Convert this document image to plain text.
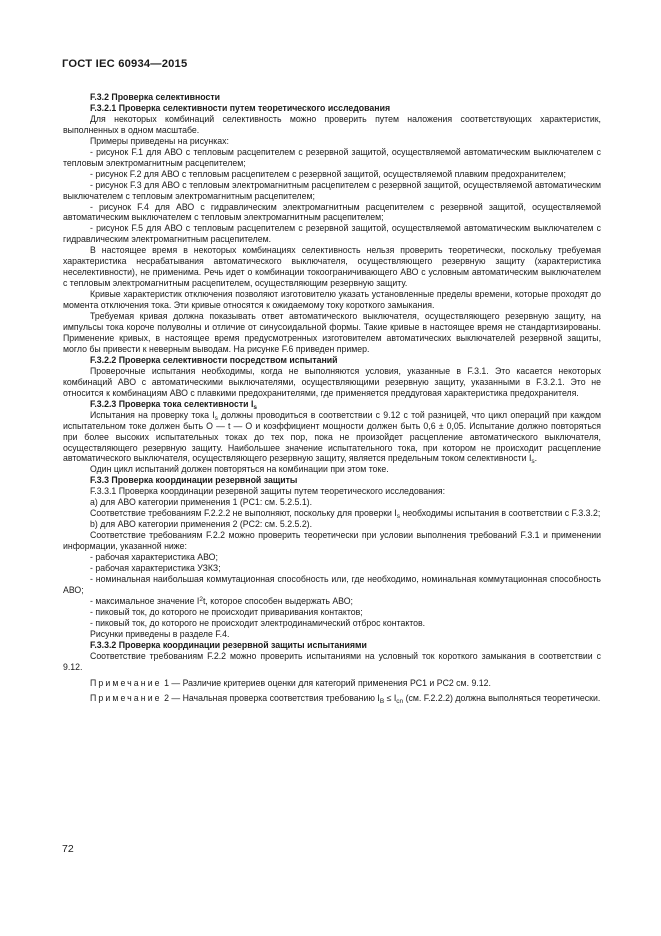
ГОСТ IEC 60934—2015

F.3.2 Проверка селективности

F.3.2.1 Проверка селективности путем теоретического исследования

Для некоторых комбинаций селективность можно проверить путем наложения соответствующих характеристик, выполненных в одном масштабе.

Примеры приведены на рисунках:

- рисунок F.1 для АВО с тепловым расцепителем с резервной защитой, осуществляемой автоматическим выключателем с тепловым электромагнитным расцепителем;

- рисунок F.2 для АВО с тепловым расцепителем с резервной защитой, осуществляемой плавким предохранителем;

- рисунок F.3 для АВО с тепловым электромагнитным расцепителем с резервной защитой, осуществляемой автоматическим выключателем с тепловым электромагнитным расцепителем;

- рисунок F.4 для АВО с гидравлическим электромагнитным расцепителем с резервной защитой, осуществляемой автоматическим выключателем с тепловым электромагнитным расцепителем;

- рисунок F.5 для АВО с тепловым расцепителем с резервной защитой, осуществляемой автоматическим выключателем с гидравлическим электромагнитным расцепителем.

В настоящее время в некоторых комбинациях селективность нельзя проверить теоретически, поскольку требуемая характеристика несрабатывания автоматического выключателя, осуществляющего резервную защиту (характеристика неселективности), не применима. Речь идет о комбинации токоограничивающего АВО с условным автоматическим выключателем с тепловым электромагнитным расцепителем, осуществляющим резервную защиту.

Кривые характеристик отключения позволяют изготовителю указать установленные пределы времени, которые проходят до момента отключения тока. Эти кривые относятся к ожидаемому току короткого замыкания.

Требуемая кривая должна показывать ответ автоматического выключателя, осуществляющего резервную защиту, на импульсы тока короче полуволны и отличие от синусоидальной формы. Такие кривые в настоящее время не стандартизированы. Применение кривых, в настоящее время предусмотренных изготовителем автоматических выключателей резервной защиты, могло бы привести к неверным выводам. На рисунке F.6 приведен пример.

F.3.2.2 Проверка селективности посредством испытаний

Проверочные испытания необходимы, когда не выполняются условия, указанные в F.3.1. Это касается некоторых комбинаций АВО с автоматическими выключателями, осуществляющими резервную защиту, указанными в F.3.2.1. Это не относится к комбинациям АВО с плавкими предохранителями, где применяется преддуговая характеристика предохранителя.

F.3.2.3 Проверка тока селективности $I_s$

Испытания на проверку тока $I_s$ должны проводиться в соответствии с 9.12 с той разницей, что цикл операций при каждом испытательном токе должен быть О — t — О и коэффициент мощности должен быть 0,6 ± 0,05. Испытание должно повторяться при более высоких испытательных токах до тех пор, пока не произойдет расцепление автоматического выключателя, осуществляющего резервную защиту. Наибольшее значение испытательного тока, при котором не происходит расцепление автоматического выключателя, осуществляющего резервную защиту, является предельным током селективности $I_s$.

Один цикл испытаний должен повторяться на комбинации при этом токе.

F.3.3 Проверка координации резервной защиты

F.3.3.1 Проверка координации резервной защиты путем теоретического исследования:

a) для АВО категории применения 1 (PC1: см. 5.2.5.1).

Соответствие требованиям F.2.2.2 не выполняют, поскольку для проверки $I_s$ необходимы испытания в соответствии с F.3.3.2;

b) для АВО категории применения 2 (PC2: см. 5.2.5.2).

Соответствие требованиям F.2.2 можно проверить теоретически при условии выполнения требований F.3.1 и применении информации, указанной ниже:

- рабочая характеристика АВО;

- рабочая характеристика УЗКЗ;

- номинальная наибольшая коммутационная способность или, где необходимо, номинальная коммутационная способность АВО;

- максимальное значение $I^2t$, которое способен выдержать АВО;

- пиковый ток, до которого не происходит приваривания контактов;

- пиковый ток, до которого не происходит электродинамический отброс контактов.

Рисунки приведены в разделе F.4.

F.3.3.2 Проверка координации резервной защиты испытаниями

Соответствие требованиям F.2.2 можно проверить испытаниями на условный ток короткого замыкания в соответствии с 9.12.

Примечание 1 — Различие критериев оценки для категорий применения PC1 и PC2 см. 9.12.

Примечание 2 — Начальная проверка соответствия требованию $I_B \le I_{cn}$ (см. F.2.2.2) должна выполняться теоретически.

72
